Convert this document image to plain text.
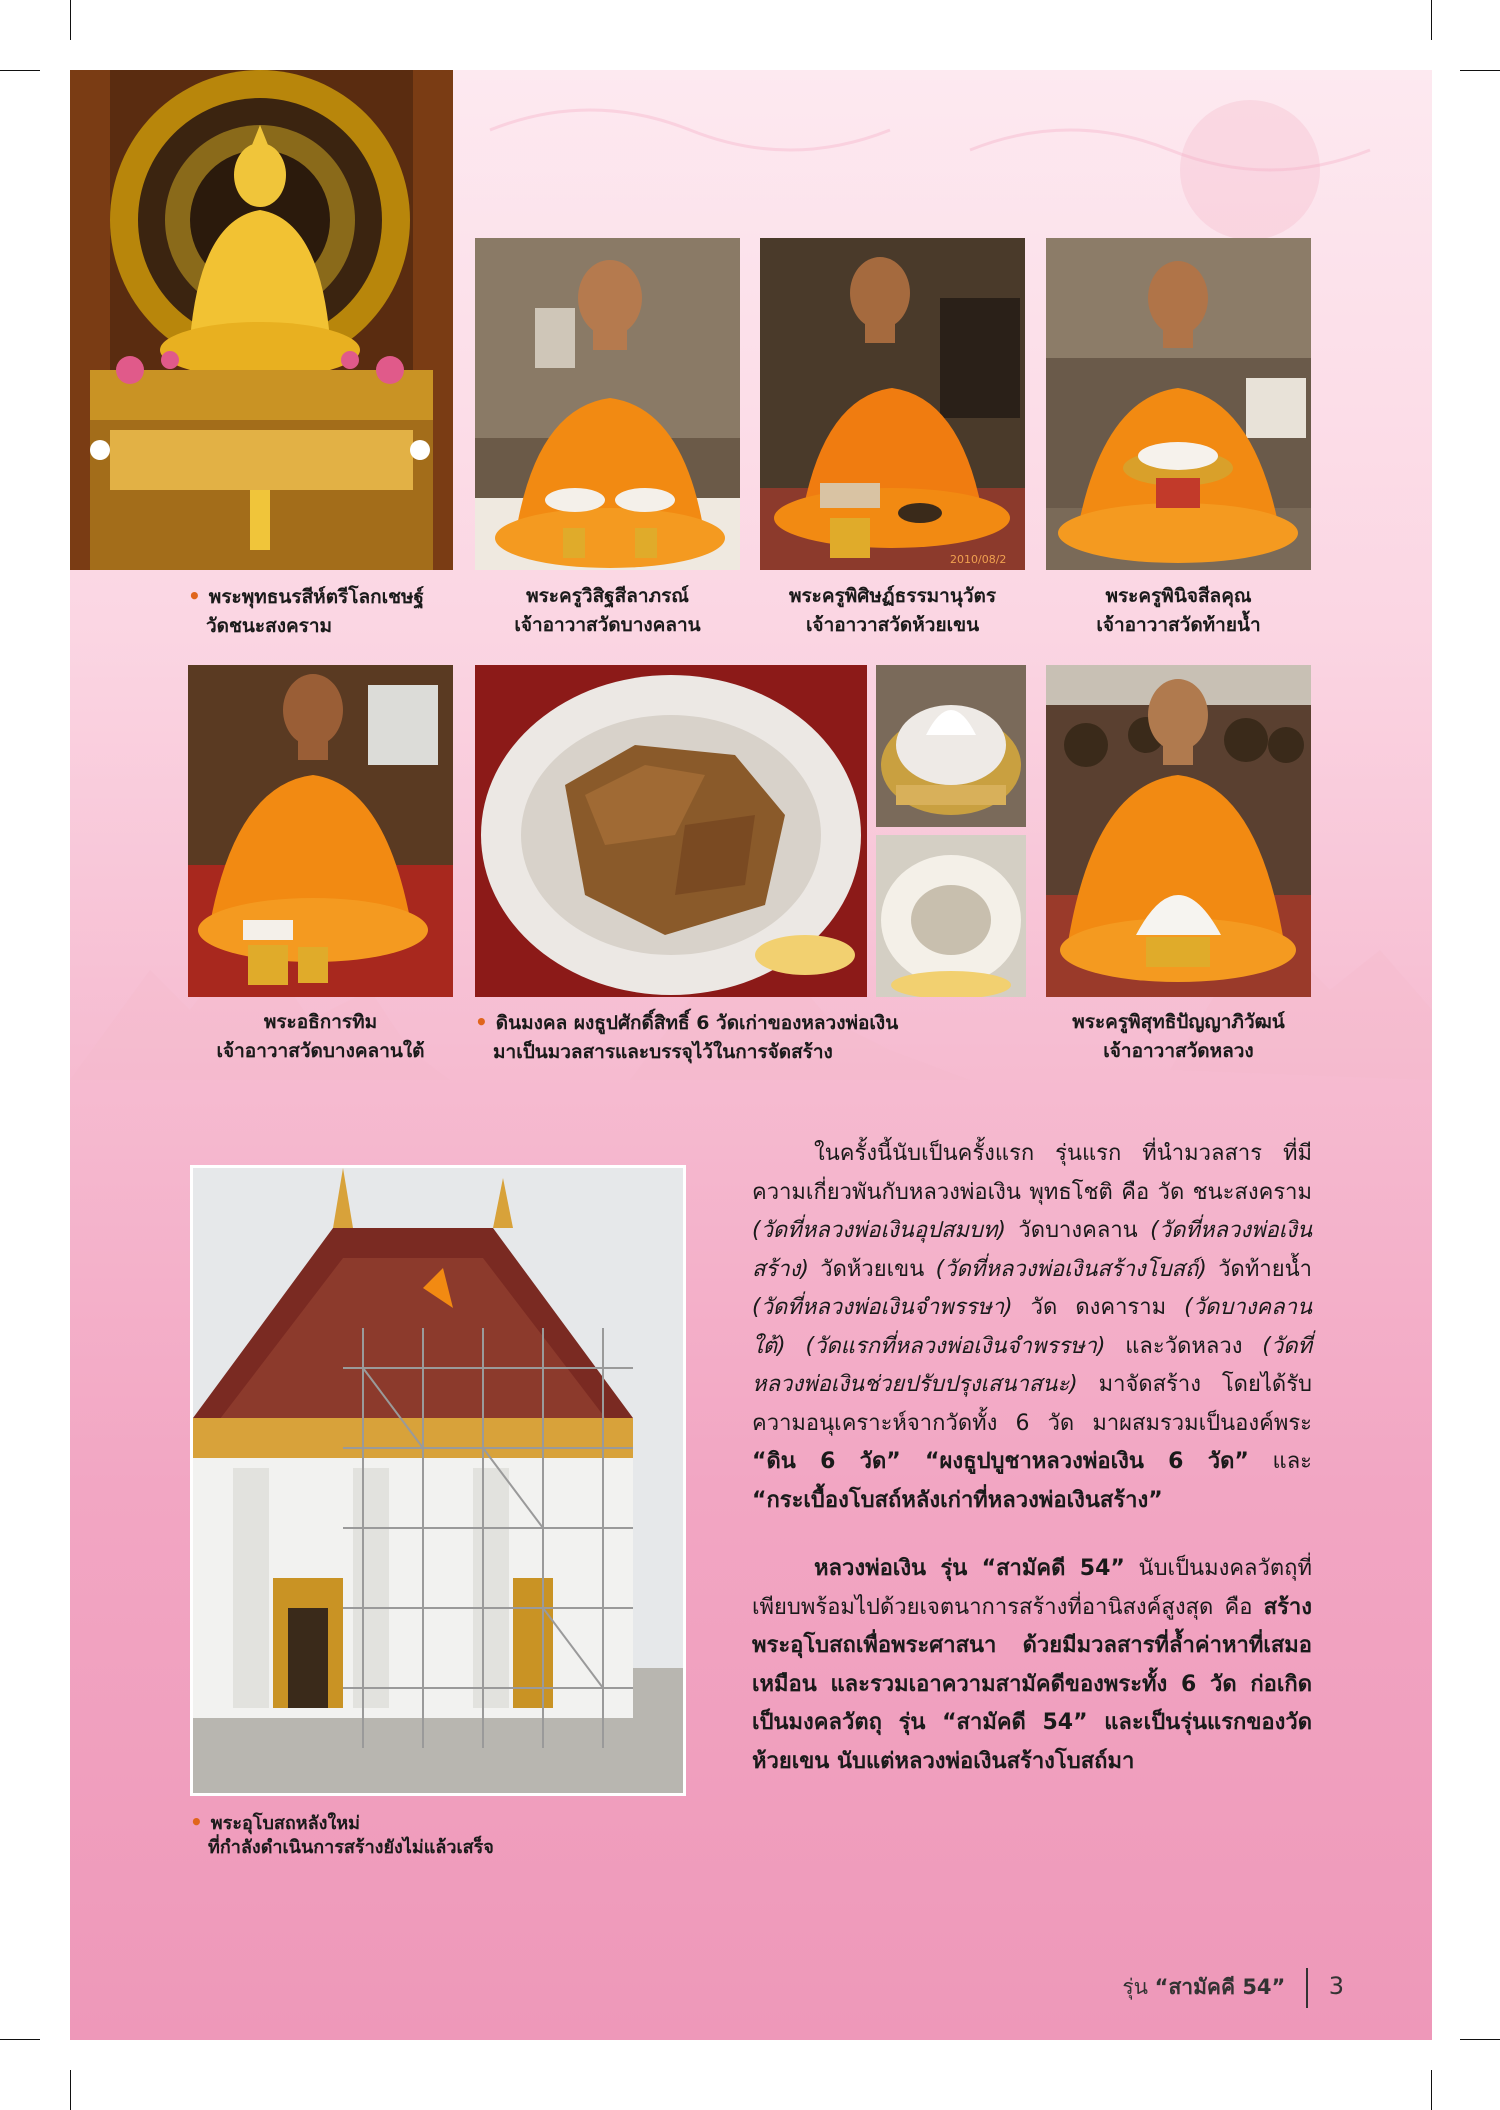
2010/08/2
• พระพุทธนรสีห์ตรีโลกเชษฐ์
วัดชนะสงคราม
พระครูวิสิฐสีลาภรณ์
เจ้าอาวาสวัดบางคลาน
พระครูพิศิษฏ์ธรรมานุวัตร
เจ้าอาวาสวัดห้วยเขน
พระครูพินิจสีลคุณ
เจ้าอาวาสวัดท้ายน้ำ
พระอธิการทิม
เจ้าอาวาสวัดบางคลานใต้
• ดินมงคล ผงธูปศักดิ์สิทธิ์ 6 วัดเก่าของหลวงพ่อเงิน
มาเป็นมวลสารและบรรจุไว้ในการจัดสร้าง
พระครูพิสุทธิปัญญาภิวัฒน์
เจ้าอาวาสวัดหลวง
• พระอุโบสถหลังใหม่
ที่กำลังดำเนินการสร้างยังไม่แล้วเสร็จ

ในครั้งนี้นับเป็นครั้งแรก รุ่นแรก ที่นำมวลสาร ที่มีความเกี่ยวพันกับหลวงพ่อเงิน พุทธโชติ คือ วัด ชนะสงคราม (วัดที่หลวงพ่อเงินอุปสมบท) วัดบางคลาน (วัดที่หลวงพ่อเงินสร้าง) วัดห้วยเขน (วัดที่หลวงพ่อเงินสร้างโบสถ์) วัดท้ายน้ำ (วัดที่หลวงพ่อเงินจำพรรษา) วัด ดงคาราม (วัดบางคลานใต้) (วัดแรกที่หลวงพ่อเงินจำพรรษา) และวัดหลวง (วัดที่หลวงพ่อเงินช่วยปรับปรุงเสนาสนะ) มาจัดสร้าง โดยได้รับความอนุเคราะห์จากวัดทั้ง 6 วัด มาผสมรวมเป็นองค์พระ “ดิน 6 วัด” “ผงธูปบูชาหลวงพ่อเงิน 6 วัด” และ “กระเบื้องโบสถ์หลังเก่าที่หลวงพ่อเงินสร้าง”

หลวงพ่อเงิน รุ่น “สามัคดี 54” นับเป็นมงคลวัตถุที่เพียบพร้อมไปด้วยเจตนาการสร้างที่อานิสงค์สูงสุด คือ สร้างพระอุโบสถเพื่อพระศาสนา ด้วยมีมวลสารที่ล้ำค่าหาที่เสมอเหมือน และรวมเอาความสามัคดีของพระทั้ง 6 วัด ก่อเกิดเป็นมงคลวัตถุ รุ่น “สามัคดี 54” และเป็นรุ่นแรกของวัดห้วยเขน นับแต่หลวงพ่อเงินสร้างโบสถ์มา

รุ่น “สามัคคี 54” 3
